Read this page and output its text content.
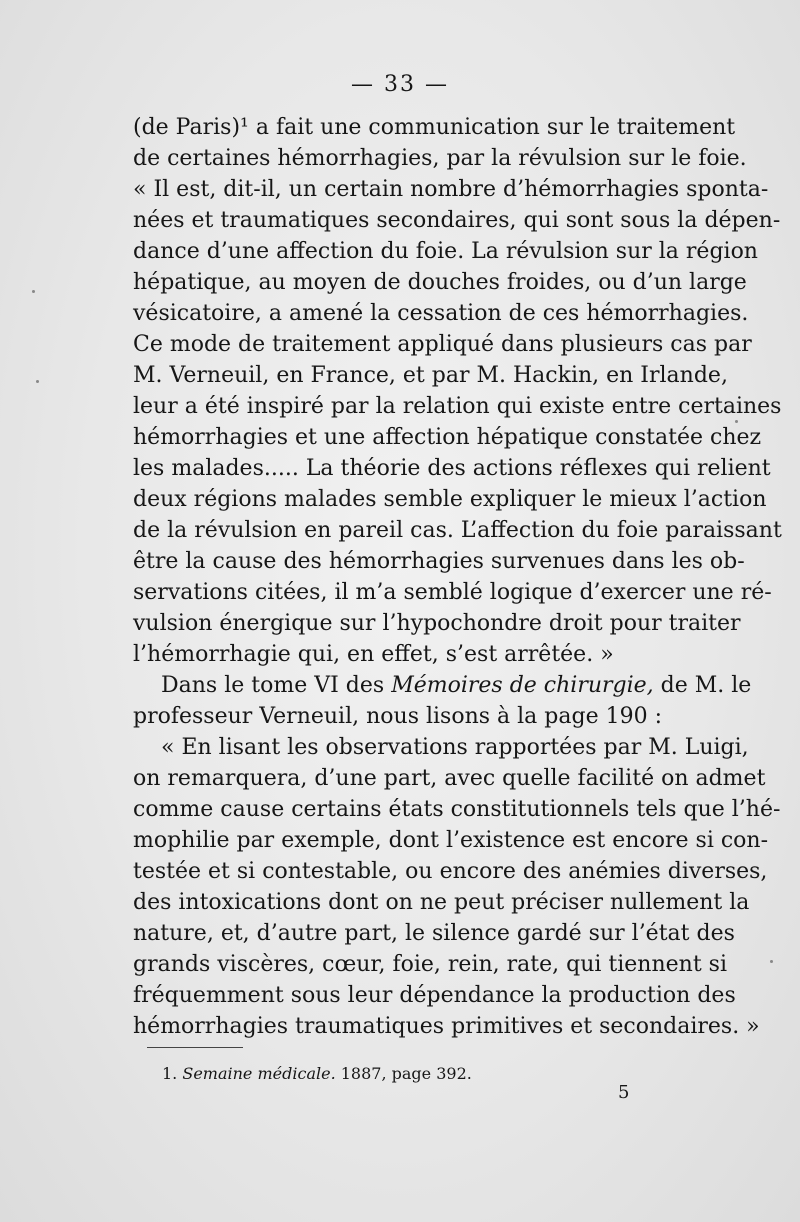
— 33 —
(de Paris)¹ a fait une communication sur le traitement
de certaines hémorrhagies, par la révulsion sur le foie.
« Il est, dit-il, un certain nombre d’hémorrhagies sponta-
nées et traumatiques secondaires, qui sont sous la dépen-
dance d’une affection du foie. La révulsion sur la région
hépatique, au moyen de douches froides, ou d’un large
vésicatoire, a amené la cessation de ces hémorrhagies.
Ce mode de traitement appliqué dans plusieurs cas par
M. Verneuil, en France, et par M. Hackin, en Irlande,
leur a été inspiré par la relation qui existe entre certaines
hémorrhagies et une affection hépatique constatée chez
les malades..... La théorie des actions réflexes qui relient
deux régions malades semble expliquer le mieux l’action
de la révulsion en pareil cas. L’affection du foie paraissant
être la cause des hémorrhagies survenues dans les ob-
servations citées, il m’a semblé logique d’exercer une ré-
vulsion énergique sur l’hypochondre droit pour traiter
l’hémorrhagie qui, en effet, s’est arrêtée. »
Dans le tome VI des Mémoires de chirurgie, de M. le
professeur Verneuil, nous lisons à la page 190 :
« En lisant les observations rapportées par M. Luigi,
on remarquera, d’une part, avec quelle facilité on admet
comme cause certains états constitutionnels tels que l’hé-
mophilie par exemple, dont l’existence est encore si con-
testée et si contestable, ou encore des anémies diverses,
des intoxications dont on ne peut préciser nullement la
nature, et, d’autre part, le silence gardé sur l’état des
grands viscères, cœur, foie, rein, rate, qui tiennent si
fréquemment sous leur dépendance la production des
hémorrhagies traumatiques primitives et secondaires. »
1. Semaine médicale. 1887, page 392.
5
